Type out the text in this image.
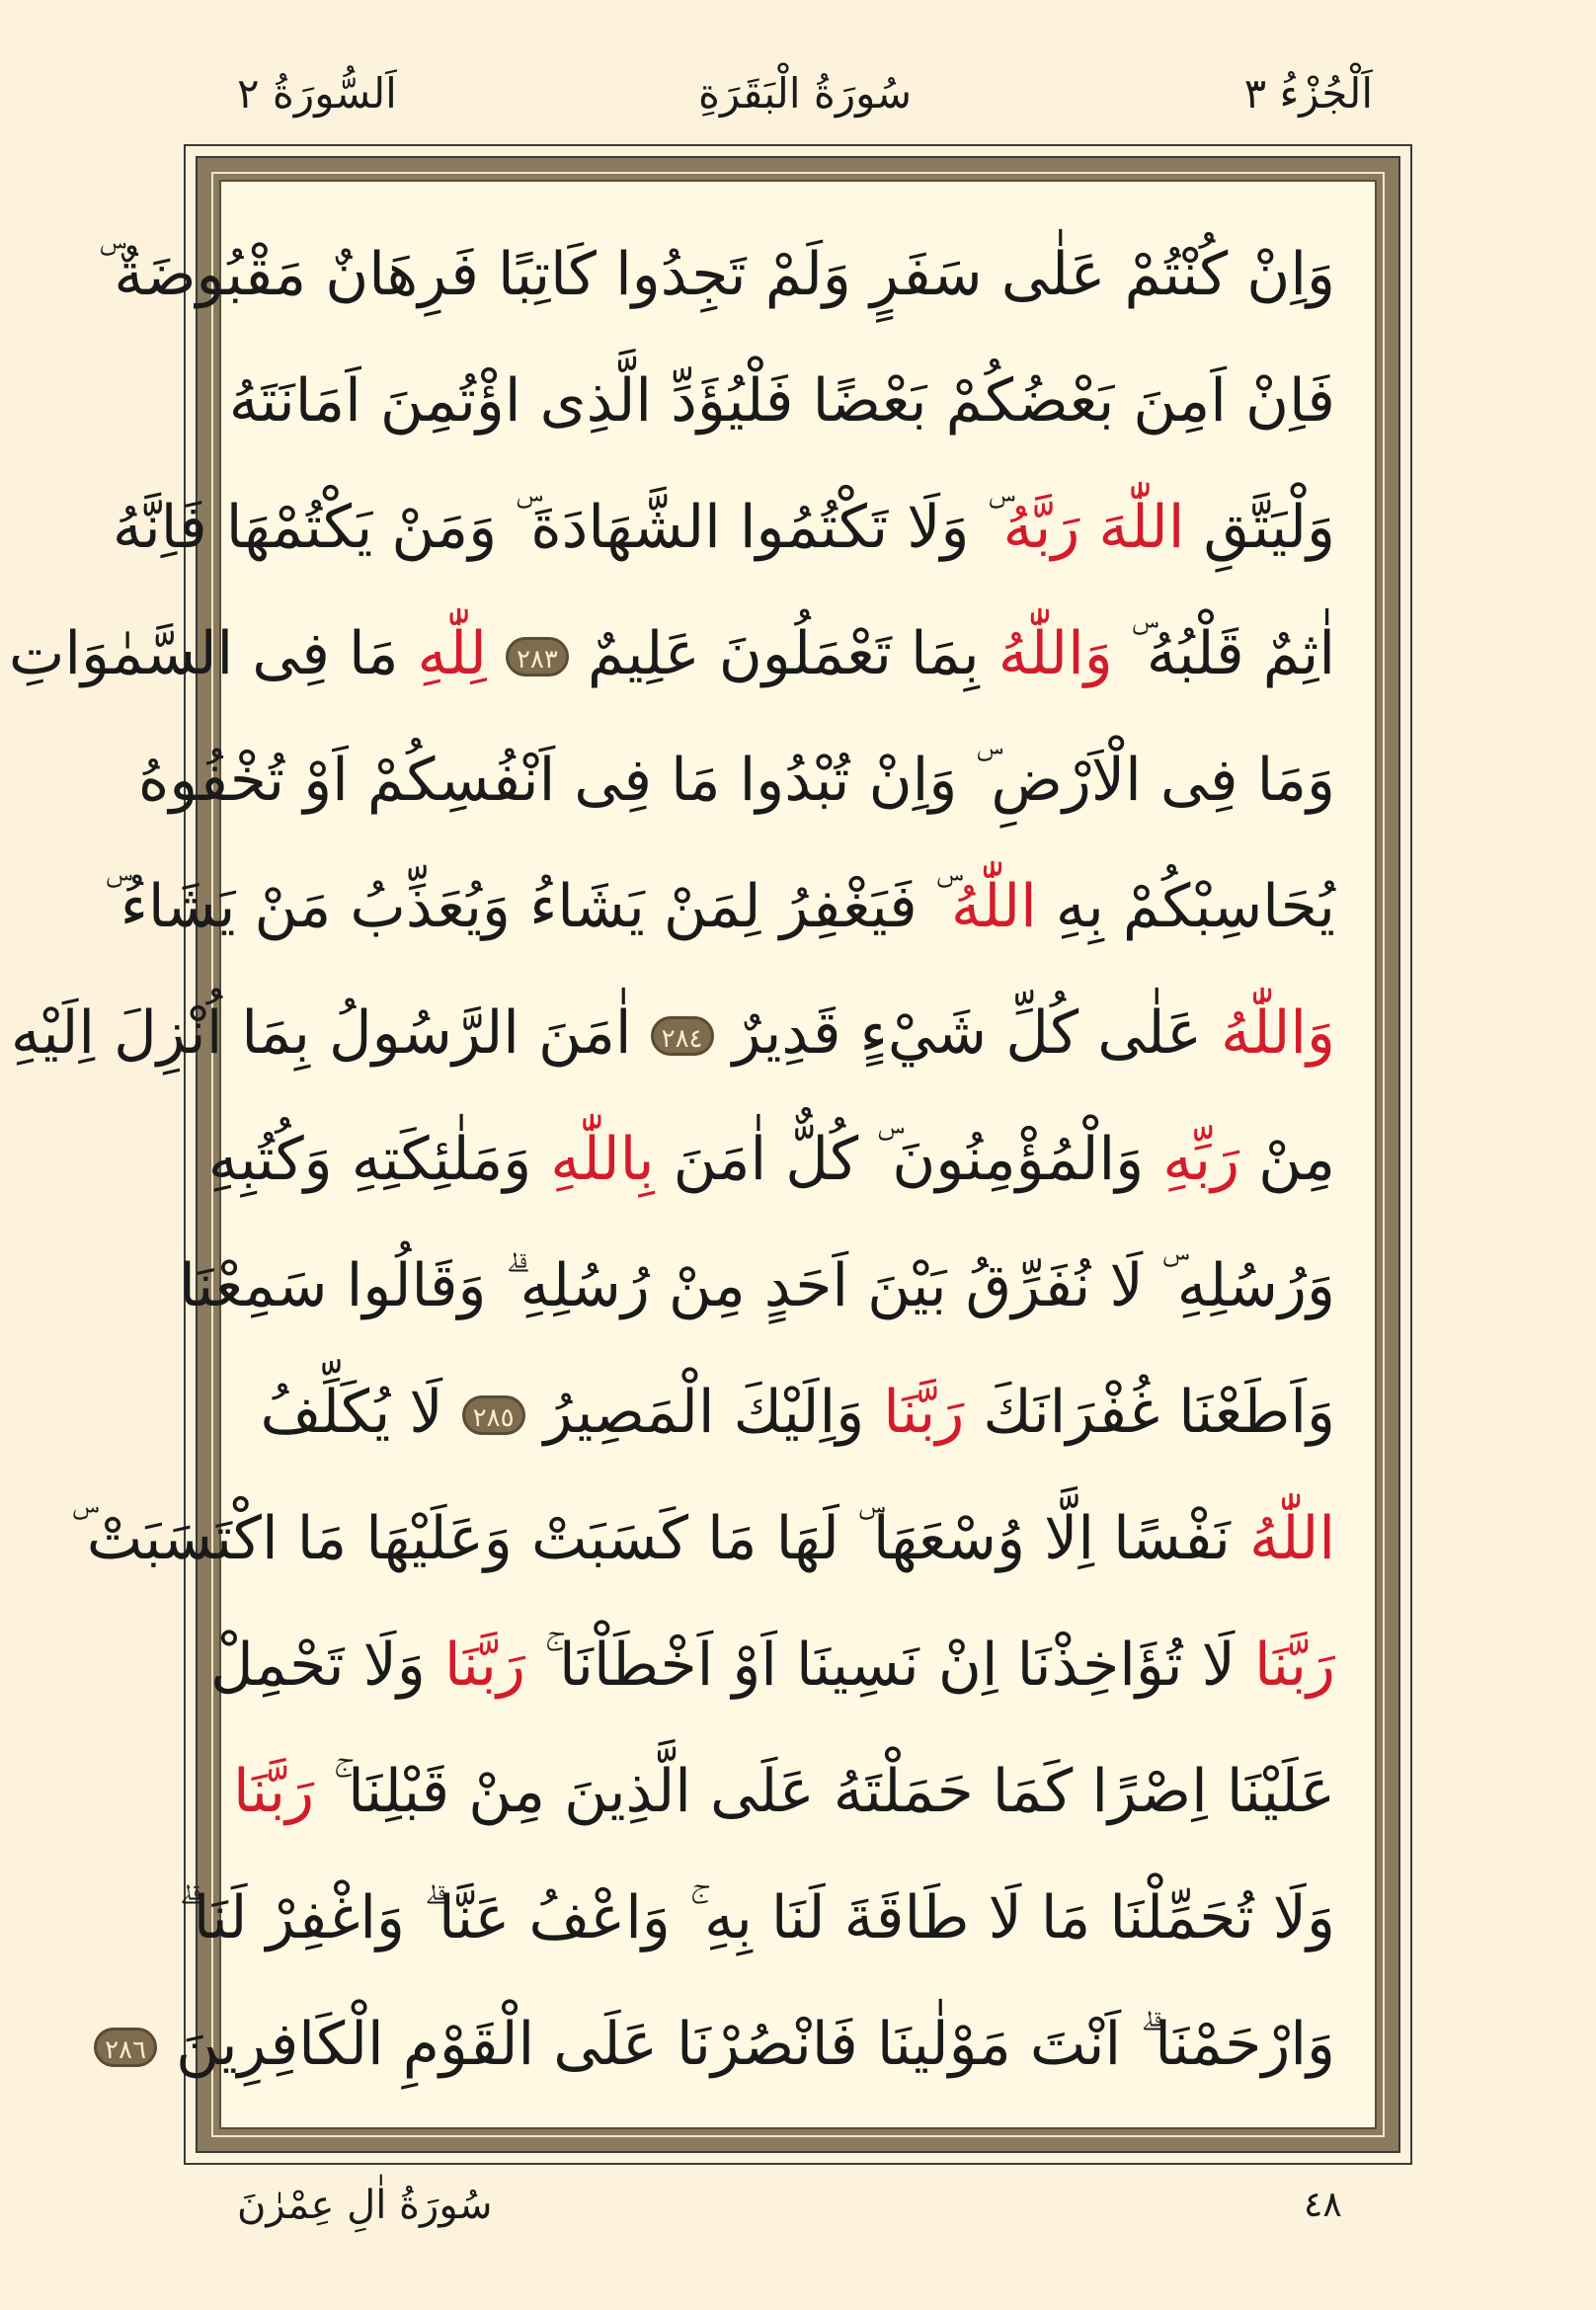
اَلْجُزْءُ ٣
سُورَةُ الْبَقَرَةِ
اَلسُّورَةُ ٢
وَاِنْ كُنْتُمْ عَلٰى سَفَرٍ وَلَمْ تَجِدُوا كَاتِبًا فَرِهَانٌ مَقْبُوضَةٌ ۜ
فَاِنْ اَمِنَ بَعْضُكُمْ بَعْضًا فَلْيُؤَدِّ الَّذِى اؤْتُمِنَ اَمَانَتَهُ
وَلْيَتَّقِ اللّٰهَ رَبَّهُ ۜ وَلَا تَكْتُمُوا الشَّهَادَةَ ۜ وَمَنْ يَكْتُمْهَا فَاِنَّهُ
اٰثِمٌ قَلْبُهُ ۜ وَاللّٰهُ بِمَا تَعْمَلُونَ عَلِيمٌ ٢٨٣ لِلّٰهِ مَا فِى السَّمٰوَاتِ
وَمَا فِى الْاَرْضِ ۜ وَاِنْ تُبْدُوا مَا فِى اَنْفُسِكُمْ اَوْ تُخْفُوهُ
يُحَاسِبْكُمْ بِهِ اللّٰهُ ۜ فَيَغْفِرُ لِمَنْ يَشَاءُ وَيُعَذِّبُ مَنْ يَشَاءُ ۜ
وَاللّٰهُ عَلٰى كُلِّ شَيْءٍ قَدِيرٌ ٢٨٤ اٰمَنَ الرَّسُولُ بِمَا اُنْزِلَ اِلَيْهِ
مِنْ رَبِّهِ وَالْمُؤْمِنُونَ ۜ كُلٌّ اٰمَنَ بِاللّٰهِ وَمَلٰئِكَتِهِ وَكُتُبِهِ
وَرُسُلِهِ ۜ لَا نُفَرِّقُ بَيْنَ اَحَدٍ مِنْ رُسُلِهِ ۗ وَقَالُوا سَمِعْنَا
وَاَطَعْنَا غُفْرَانَكَ رَبَّنَا وَاِلَيْكَ الْمَصِيرُ ٢٨٥ لَا يُكَلِّفُ
اللّٰهُ نَفْسًا اِلَّا وُسْعَهَا ۜ لَهَا مَا كَسَبَتْ وَعَلَيْهَا مَا اكْتَسَبَتْ ۜ
رَبَّنَا لَا تُؤَاخِذْنَا اِنْ نَسِينَا اَوْ اَخْطَاْنَا ۚ رَبَّنَا وَلَا تَحْمِلْ
عَلَيْنَا اِصْرًا كَمَا حَمَلْتَهُ عَلَى الَّذِينَ مِنْ قَبْلِنَا ۚ رَبَّنَا
وَلَا تُحَمِّلْنَا مَا لَا طَاقَةَ لَنَا بِهِ ۚ وَاعْفُ عَنَّا ۗ وَاغْفِرْ لَنَا ۗ
وَارْحَمْنَا ۗ اَنْتَ مَوْلٰينَا فَانْصُرْنَا عَلَى الْقَوْمِ الْكَافِرِينَ ٢٨٦
سُورَةُ اٰلِ عِمْرٰنَ	٤٨
